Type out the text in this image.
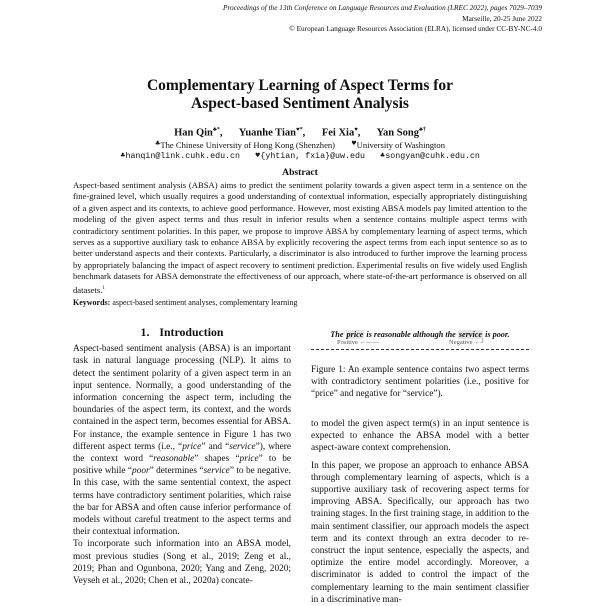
Proceedings of the 13th Conference on Language Resources and Evaluation (LREC 2022), pages 7029–7039
Marseille, 20-25 June 2022
© European Language Resources Association (ELRA), licensed under CC-BY-NC-4.0
Complementary Learning of Aspect Terms for
Aspect-based Sentiment Analysis
Han Qin♣*, Yuanhe Tian♥*, Fei Xia♥, Yan Song♣†
♣The Chinese University of Hong Kong (Shenzhen)	♥University of Washington
♣hanqin@link.cuhk.edu.cn ♥{yhtian, fxia}@uw.edu ♣songyan@cuhk.edu.cn
Abstract
Aspect-based sentiment analysis (ABSA) aims to predict the sentiment polarity towards a given aspect term in a sentence on the fine-grained level, which usually requires a good understanding of contextual information, especially appropriately distinguishing of a given aspect and its contexts, to achieve good performance. However, most existing ABSA models pay limited attention to the modeling of the given aspect terms and thus result in inferior results when a sentence contains multiple aspect terms with contradictory sentiment polarities. In this paper, we propose to improve ABSA by complementary learning of aspect terms, which serves as a supportive auxiliary task to enhance ABSA by explicitly recovering the aspect terms from each input sentence so as to better understand aspects and their contexts. Particularly, a discriminator is also introduced to further improve the learning process by appropriately balancing the impact of aspect recovery to sentiment prediction. Experimental results on five widely used English benchmark datasets for ABSA demonstrate the effectiveness of our approach, where state-of-the-art performance is observed on all datasets.$^1$
Keywords: aspect-based sentiment analyses, complementary learning
1. Introduction

Aspect-based sentiment analysis (ABSA) is an important task in natural language processing (NLP). It aims to detect the sentiment polarity of a given aspect term in an input sentence. Normally, a good understanding of the information concerning the aspect term, including the boundaries of the aspect term, its context, and the words contained in the aspect term, becomes essential for ABSA. For instance, the example sentence in Figure 1 has two different aspect terms (i.e., “price” and “service”), where the context word “reasonable” shapes “price” to be positive while “poor” determines “service” to be negative. In this case, with the same sentential context, the aspect terms have contradictory sentiment polarities, which raise the bar for ABSA and often cause inferior performance of models without careful treatment to the aspect terms and their contextual information.

To incorporate such information into an ABSA model, most previous studies (Song et al., 2019; Zeng et al., 2019; Phan and Ogunbona, 2020; Yang and Zeng, 2020; Veyseh et al., 2020; Chen et al., 2020a) concate-

The price is reasonable although the service is poor.
Positive ←——	Negative ←┘
Figure 1: An example sentence contains two aspect terms with contradictory sentiment polarities (i.e., positive for “price” and negative for “service”).

to model the given aspect term(s) in an input sentence is expected to enhance the ABSA model with a better aspect-aware context comprehension.

In this paper, we propose an approach to enhance ABSA through complementary learning of aspects, which is a supportive auxiliary task of recovering aspect terms for improving ABSA. Specifically, our approach has two training stages. In the first training stage, in addition to the main sentiment classifier, our approach models the aspect term and its context through an extra decoder to re-construct the input sentence, especially the aspects, and optimize the entire model accordingly. Moreover, a discriminator is added to control the impact of the complementary learning to the main sentiment classifier in a discriminative man-
